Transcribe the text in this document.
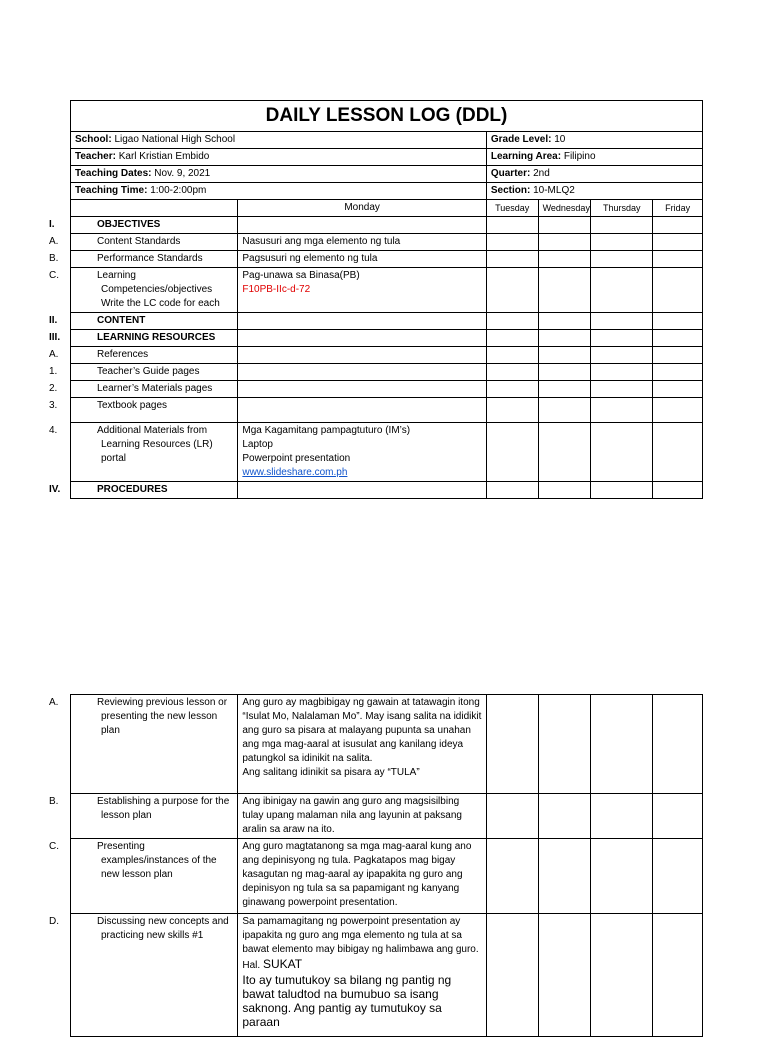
DAILY LESSON LOG (DDL)					
School: Ligao National High School		Grade Level: 10			
Teacher: Karl Kristian Embido		Learning Area: Filipino			
Teaching Dates: Nov. 9, 2021		Quarter: 2nd			
Teaching Time: 1:00-2:00pm		Section: 10-MLQ2			
	Monday	Tuesday	Wednesday	Thursday	Friday
I. OBJECTIVES					
A. Content Standards	Nasusuri ang mga elemento ng tula				
B. Performance Standards	Pagsusuri ng elemento ng tula				
C. Learning Competencies/objectives Write the LC code for each	Pag-unawa sa Binasa(PB)
F10PB-IIc-d-72				

II. CONTENT					
III. LEARNING RESOURCES					
A. References					
1. Teacher’s Guide pages					
2. Learner’s Materials pages					
3. Textbook pages					
4. Additional Materials from Learning Resources (LR) portal	Mga Kagamitang pampagtuturo (IM’s)
Laptop
Powerpoint presentation
www.slideshare.com.ph				

IV. PROCEDURES					
A. Reviewing previous lesson or presenting the new lesson plan	Ang guro ay magbibigay ng gawain at tatawagin itong “Isulat Mo, Nalalaman Mo”. May isang salita na ididikit ang guro sa pisara at malayang pupunta sa unahan ang mga mag-aaral at isusulat ang kanilang ideya patungkol sa idinikit na salita.
Ang salitang idinikit sa pisara ay “TULA”				

B. Establishing a purpose for the lesson plan	Ang ibinigay na gawin ang guro ang magsisilbing tulay upang malaman nila ang layunin at paksang aralin sa araw na ito.				
C. Presenting examples/instances of the new lesson plan	Ang guro magtatanong sa mga mag-aaral kung ano ang depinisyong ng tula. Pagkatapos mag bigay kasagutan ng mag-aaral ay ipapakita ng guro ang depinisyon ng tula sa sa papamigant ng kanyang ginawang powerpoint presentation.				
D. Discussing new concepts and practicing new skills #1	Sa pamamagitang ng powerpoint presentation ay ipapakita ng guro ang mga elemento ng tula at sa bawat elemento may bibigay ng halimbawa ang guro.
Hal. SUKAT
Ito ay tumutukoy sa bilang ng pantig ng bawat taludtod na bumubuo sa isang saknong. Ang pantig ay tumutukoy sa paraan				
